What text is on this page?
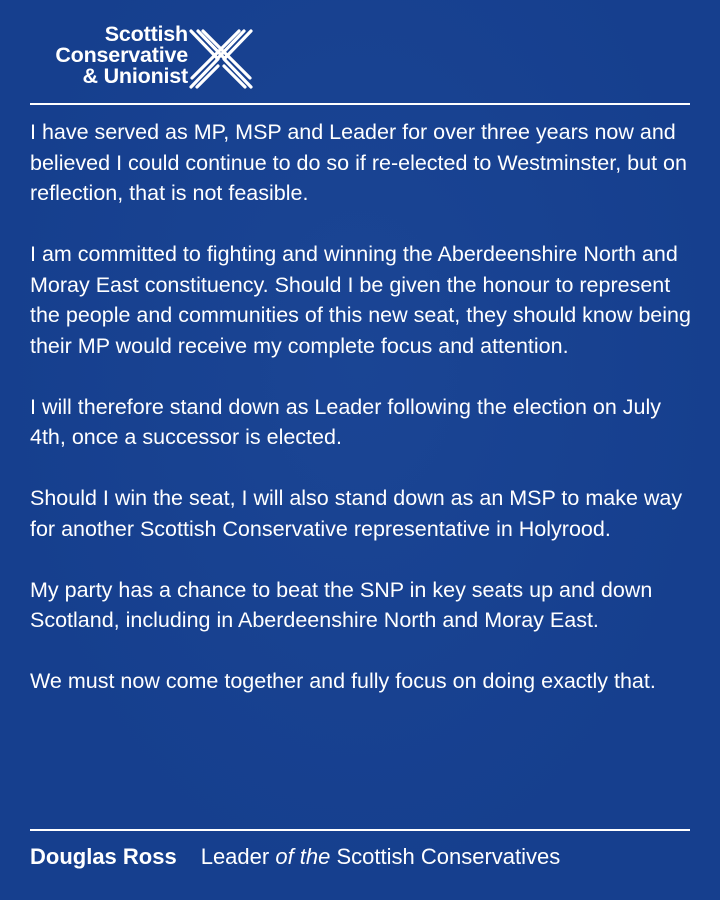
Scottish
Conservative
& Unionist

I have served as MP, MSP and Leader for over three years now and believed I could continue to do so if re-elected to Westminster, but on reflection, that is not feasible.

I am committed to fighting and winning the Aberdeenshire North and Moray East constituency. Should I be given the honour to represent the people and communities of this new seat, they should know being their MP would receive my complete focus and attention.

I will therefore stand down as Leader following the election on July 4th, once a successor is elected.

Should I win the seat, I will also stand down as an MSP to make way for another Scottish Conservative representative in Holyrood.

My party has a chance to beat the SNP in key seats up and down Scotland, including in Aberdeenshire North and Moray East.

We must now come together and fully focus on doing exactly that.

Douglas Ross Leader of the Scottish Conservatives
